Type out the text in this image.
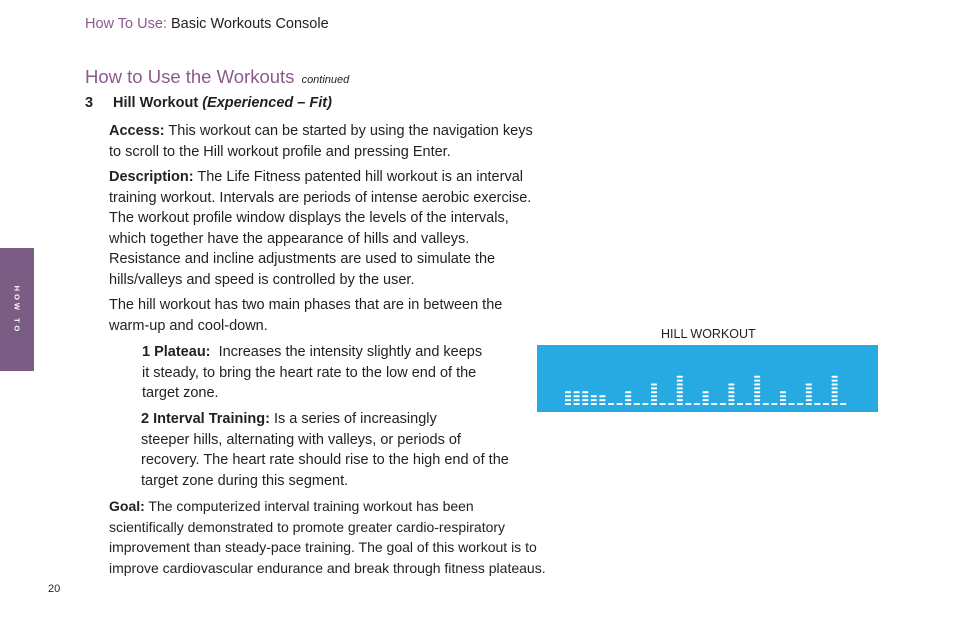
How To Use: Basic Workouts Console
How to Use the Workouts continued
3 Hill Workout (Experienced – Fit)

Access: This workout can be started by using the navigation keys
to scroll to the Hill workout profile and pressing Enter.

Description: The Life Fitness patented hill workout is an interval
training workout. Intervals are periods of intense aerobic exercise.
The workout profile window displays the levels of the intervals,
which together have the appearance of hills and valleys.
Resistance and incline adjustments are used to simulate the
hills/valleys and speed is controlled by the user.

The hill workout has two main phases that are in between the
warm-up and cool-down.

1 Plateau: Increases the intensity slightly and keeps
it steady, to bring the heart rate to the low end of the
target zone.

2 Interval Training: Is a series of increasingly
steeper hills, alternating with valleys, or periods of
recovery. The heart rate should rise to the high end of the
target zone during this segment.

Goal: The computerized interval training workout has been
scientifically demonstrated to promote greater cardio-respiratory
improvement than steady-pace training. The goal of this workout is to
improve cardiovascular endurance and break through fitness plateaus.

HOW TO
20
HILL WORKOUT
